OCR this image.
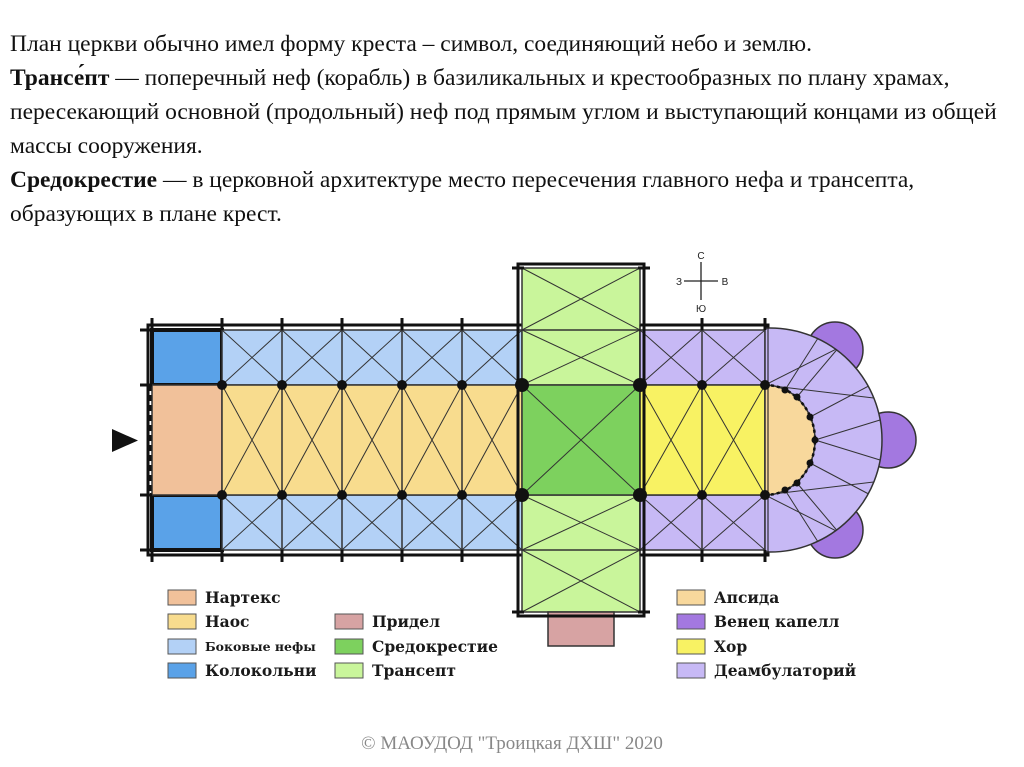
План церкви обычно имел форму креста – символ, соединяющий небо и землю.

Трансе́пт — поперечный неф (корабль) в базиликальных и крестообразных по плану храмах, пересекающий основной (продольный) неф под прямым углом и выступающий концами из общей массы сооружения.

Средокрестие — в церковной архитектуре место пересечения главного нефа и трансепта, образующих в плане крест.

С
З	В
Ю
Нартекс
Наос
Боковые нефы
Колокольни
Придел
Средокрестие
Трансепт
Апсида
Венец капелл
Хор
Деамбулаторий
© МАОУДОД "Троицкая ДХШ" 2020
